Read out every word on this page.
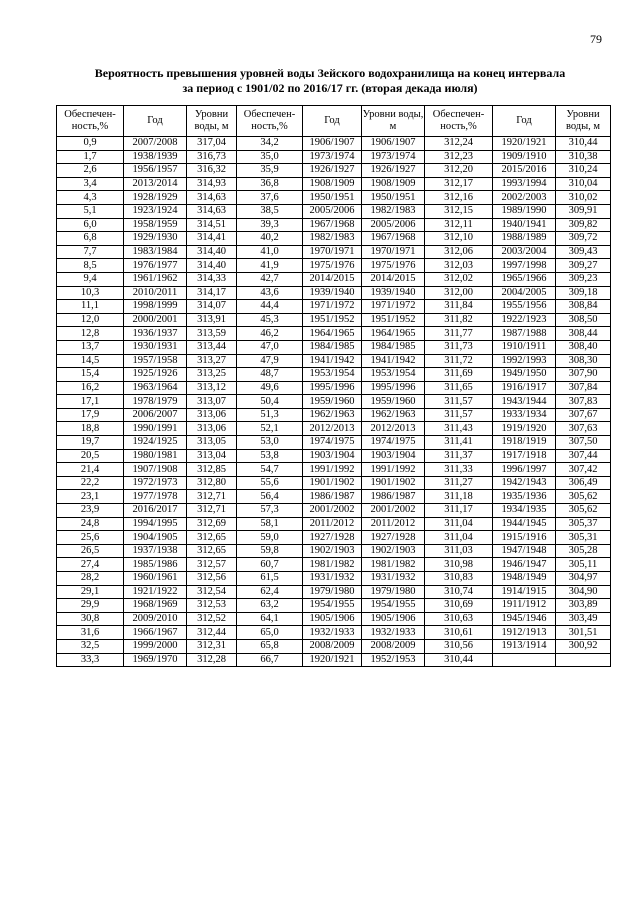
79
Вероятность превышения уровней воды Зейского водохранилища на конец интервала
за период с 1901/02 по 2016/17 гг. (вторая декада июля)
Обеспечен-ность,%	Год	Уровни воды, м	Обеспечен-ность,%	Год	Уровни воды, м	Обеспечен-ность,%	Год	Уровни воды, м
0,9	2007/2008	317,04	34,2	1906/1907	1906/1907	312,24	1920/1921	310,44
1,7	1938/1939	316,73	35,0	1973/1974	1973/1974	312,23	1909/1910	310,38
2,6	1956/1957	316,32	35,9	1926/1927	1926/1927	312,20	2015/2016	310,24
3,4	2013/2014	314,93	36,8	1908/1909	1908/1909	312,17	1993/1994	310,04
4,3	1928/1929	314,63	37,6	1950/1951	1950/1951	312,16	2002/2003	310,02
5,1	1923/1924	314,63	38,5	2005/2006	1982/1983	312,15	1989/1990	309,91
6,0	1958/1959	314,51	39,3	1967/1968	2005/2006	312,11	1940/1941	309,82
6,8	1929/1930	314,41	40,2	1982/1983	1967/1968	312,10	1988/1989	309,72
7,7	1983/1984	314,40	41,0	1970/1971	1970/1971	312,06	2003/2004	309,43
8,5	1976/1977	314,40	41,9	1975/1976	1975/1976	312,03	1997/1998	309,27
9,4	1961/1962	314,33	42,7	2014/2015	2014/2015	312,02	1965/1966	309,23
10,3	2010/2011	314,17	43,6	1939/1940	1939/1940	312,00	2004/2005	309,18
11,1	1998/1999	314,07	44,4	1971/1972	1971/1972	311,84	1955/1956	308,84
12,0	2000/2001	313,91	45,3	1951/1952	1951/1952	311,82	1922/1923	308,50
12,8	1936/1937	313,59	46,2	1964/1965	1964/1965	311,77	1987/1988	308,44
13,7	1930/1931	313,44	47,0	1984/1985	1984/1985	311,73	1910/1911	308,40
14,5	1957/1958	313,27	47,9	1941/1942	1941/1942	311,72	1992/1993	308,30
15,4	1925/1926	313,25	48,7	1953/1954	1953/1954	311,69	1949/1950	307,90
16,2	1963/1964	313,12	49,6	1995/1996	1995/1996	311,65	1916/1917	307,84
17,1	1978/1979	313,07	50,4	1959/1960	1959/1960	311,57	1943/1944	307,83
17,9	2006/2007	313,06	51,3	1962/1963	1962/1963	311,57	1933/1934	307,67
18,8	1990/1991	313,06	52,1	2012/2013	2012/2013	311,43	1919/1920	307,63
19,7	1924/1925	313,05	53,0	1974/1975	1974/1975	311,41	1918/1919	307,50
20,5	1980/1981	313,04	53,8	1903/1904	1903/1904	311,37	1917/1918	307,44
21,4	1907/1908	312,85	54,7	1991/1992	1991/1992	311,33	1996/1997	307,42
22,2	1972/1973	312,80	55,6	1901/1902	1901/1902	311,27	1942/1943	306,49
23,1	1977/1978	312,71	56,4	1986/1987	1986/1987	311,18	1935/1936	305,62
23,9	2016/2017	312,71	57,3	2001/2002	2001/2002	311,17	1934/1935	305,62
24,8	1994/1995	312,69	58,1	2011/2012	2011/2012	311,04	1944/1945	305,37
25,6	1904/1905	312,65	59,0	1927/1928	1927/1928	311,04	1915/1916	305,31
26,5	1937/1938	312,65	59,8	1902/1903	1902/1903	311,03	1947/1948	305,28
27,4	1985/1986	312,57	60,7	1981/1982	1981/1982	310,98	1946/1947	305,11
28,2	1960/1961	312,56	61,5	1931/1932	1931/1932	310,83	1948/1949	304,97
29,1	1921/1922	312,54	62,4	1979/1980	1979/1980	310,74	1914/1915	304,90
29,9	1968/1969	312,53	63,2	1954/1955	1954/1955	310,69	1911/1912	303,89
30,8	2009/2010	312,52	64,1	1905/1906	1905/1906	310,63	1945/1946	303,49
31,6	1966/1967	312,44	65,0	1932/1933	1932/1933	310,61	1912/1913	301,51
32,5	1999/2000	312,31	65,8	2008/2009	2008/2009	310,56	1913/1914	300,92
33,3	1969/1970	312,28	66,7	1920/1921	1952/1953	310,44		
